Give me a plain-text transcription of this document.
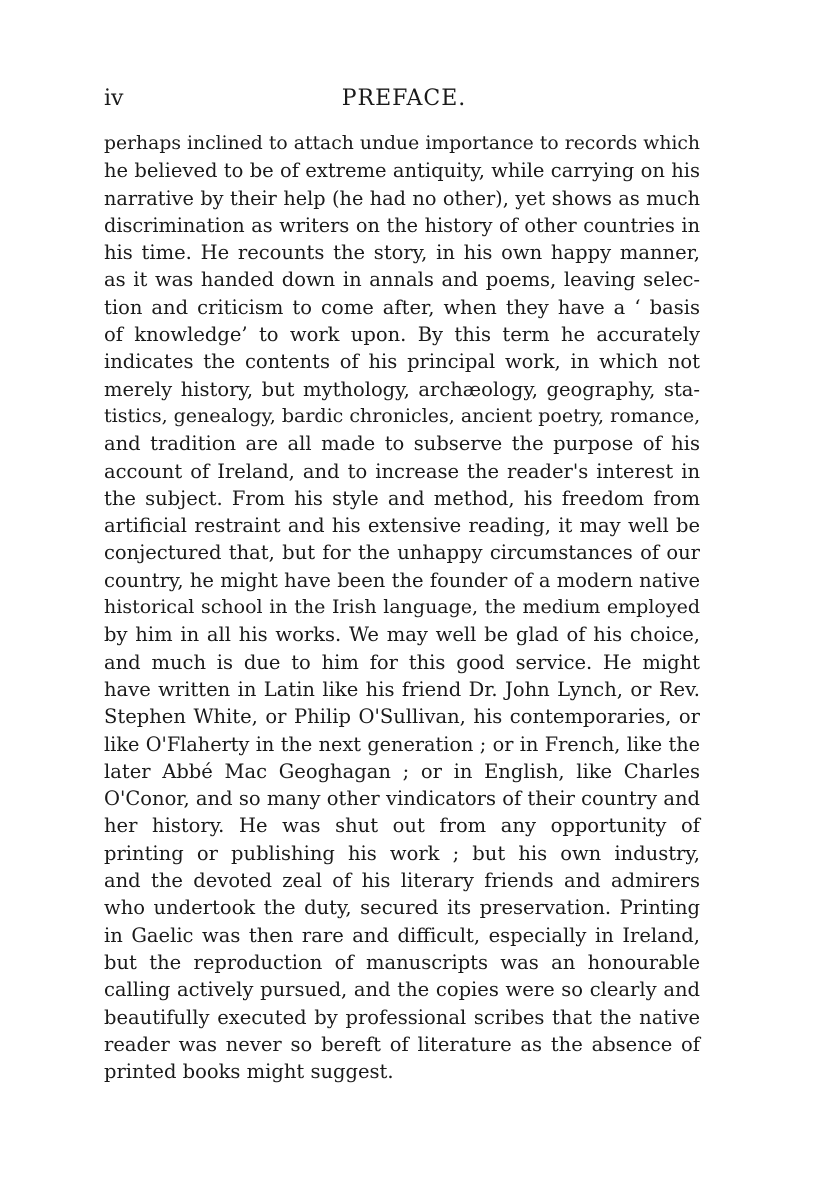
iv	PREFACE.
perhaps inclined to attach undue importance to records which
he believed to be of extreme antiquity, while carrying on his
narrative by their help (he had no other), yet shows as much
discrimination as writers on the history of other countries in
his time. He recounts the story, in his own happy manner,
as it was handed down in annals and poems, leaving selec-
tion and criticism to come after, when they have a ‘ basis
of knowledge’ to work upon. By this term he accurately
indicates the contents of his principal work, in which not
merely history, but mythology, archæology, geography, sta-
tistics, genealogy, bardic chronicles, ancient poetry, romance,
and tradition are all made to subserve the purpose of his
account of Ireland, and to increase the reader's interest in
the subject. From his style and method, his freedom from
artificial restraint and his extensive reading, it may well be
conjectured that, but for the unhappy circumstances of our
country, he might have been the founder of a modern native
historical school in the Irish language, the medium employed
by him in all his works. We may well be glad of his choice,
and much is due to him for this good service. He might
have written in Latin like his friend Dr. John Lynch, or Rev.
Stephen White, or Philip O'Sullivan, his contemporaries, or
like O'Flaherty in the next generation ; or in French, like the
later Abbé Mac Geoghagan ; or in English, like Charles
O'Conor, and so many other vindicators of their country and
her history. He was shut out from any opportunity of
printing or publishing his work ; but his own industry,
and the devoted zeal of his literary friends and admirers
who undertook the duty, secured its preservation. Printing
in Gaelic was then rare and difficult, especially in Ireland,
but the reproduction of manuscripts was an honourable
calling actively pursued, and the copies were so clearly and
beautifully executed by professional scribes that the native
reader was never so bereft of literature as the absence of
printed books might suggest.
